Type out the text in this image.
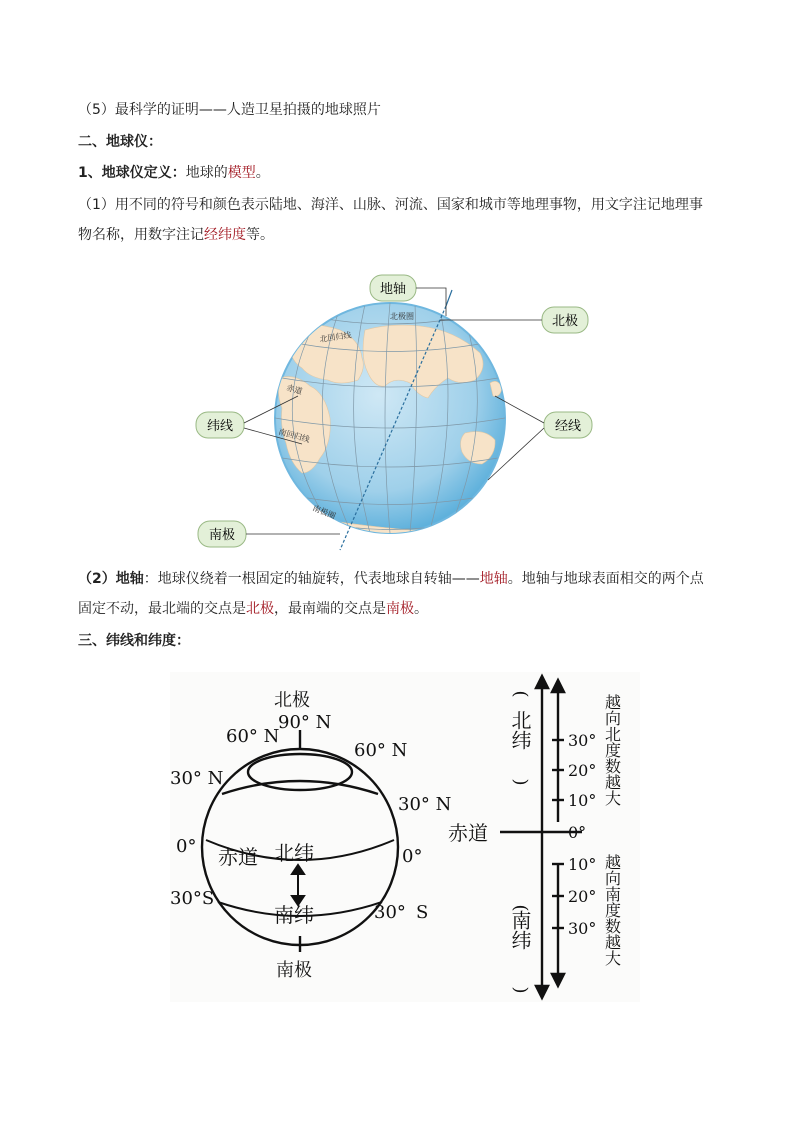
（5）最科学的证明——人造卫星拍摄的地球照片
二、地球仪：
1、地球仪定义：地球的模型。
（1）用不同的符号和颜色表示陆地、海洋、山脉、河流、国家和城市等地理事物，用文字注记地理事
物名称，用数字注记经纬度等。
地轴
北极
纬线	经线
南极
北极圈
北回归线
赤道
南回归线
南极圈
（2）地轴：地球仪绕着一根固定的轴旋转，代表地球自转轴——地轴。地轴与地球表面相交的两个点
固定不动，最北端的交点是北极，最南端的交点是南极。
三、纬线和纬度：
北极
90° N
60° N
60° N
30° N
30° N
0°	0°
30°S
30° S
南极
赤道 北纬
南纬
30°
20°
10°
0°
10°
20°
30°
赤道
(
北纬
)
(
南纬
)
越向北度数越大
越向南度数越大
